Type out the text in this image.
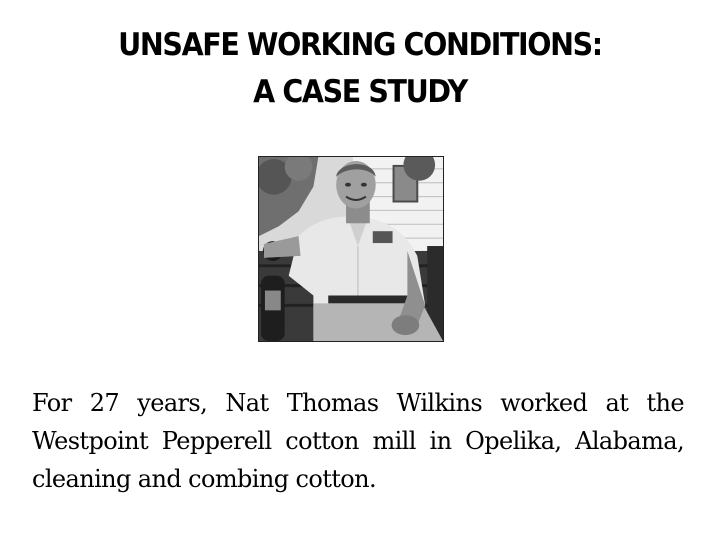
UNSAFE WORKING CONDITIONS:
A CASE STUDY
For 27 years, Nat Thomas Wilkins worked at the Westpoint Pepperell cotton mill in Opelika, Alabama, cleaning and combing cotton.
